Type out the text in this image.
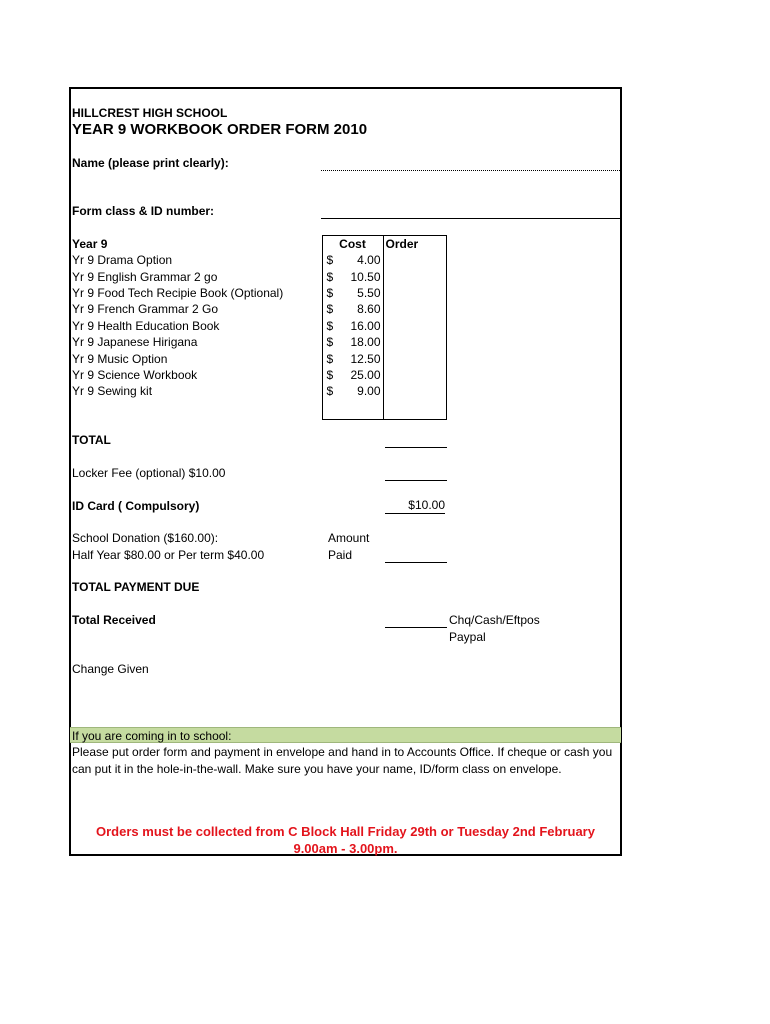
HILLCREST HIGH SCHOOL
YEAR 9 WORKBOOK ORDER FORM 2010
Name (please print clearly):
Form class & ID number:
Year 9	Cost	Order
Yr 9 Drama Option	$ 4.00	
Yr 9 English Grammar 2 go	$ 10.50	
Yr 9 Food Tech Recipie Book (Optional)	$ 5.50	
Yr 9 French Grammar 2 Go	$ 8.60	
Yr 9 Health Education Book	$ 16.00	
Yr 9 Japanese Hirigana	$ 18.00	
Yr 9 Music Option	$ 12.50	
Yr 9 Science Workbook	$ 25.00	
Yr 9 Sewing kit	$ 9.00	

TOTAL
Locker Fee (optional) $10.00
ID Card ( Compulsory)	$10.00
School Donation ($160.00):
Half Year $80.00 or Per term $40.00
Amount
Paid
TOTAL PAYMENT DUE
Total Received	Chq/Cash/Eftpos
Paypal
Change Given
If you are coming in to school:
Please put order form and payment in envelope and hand in to Accounts Office. If cheque or cash you can put it in the hole-in-the-wall. Make sure you have your name, ID/form class on envelope.
Orders must be collected from C Block Hall Friday 29th or Tuesday 2nd February
9.00am - 3.00pm.
